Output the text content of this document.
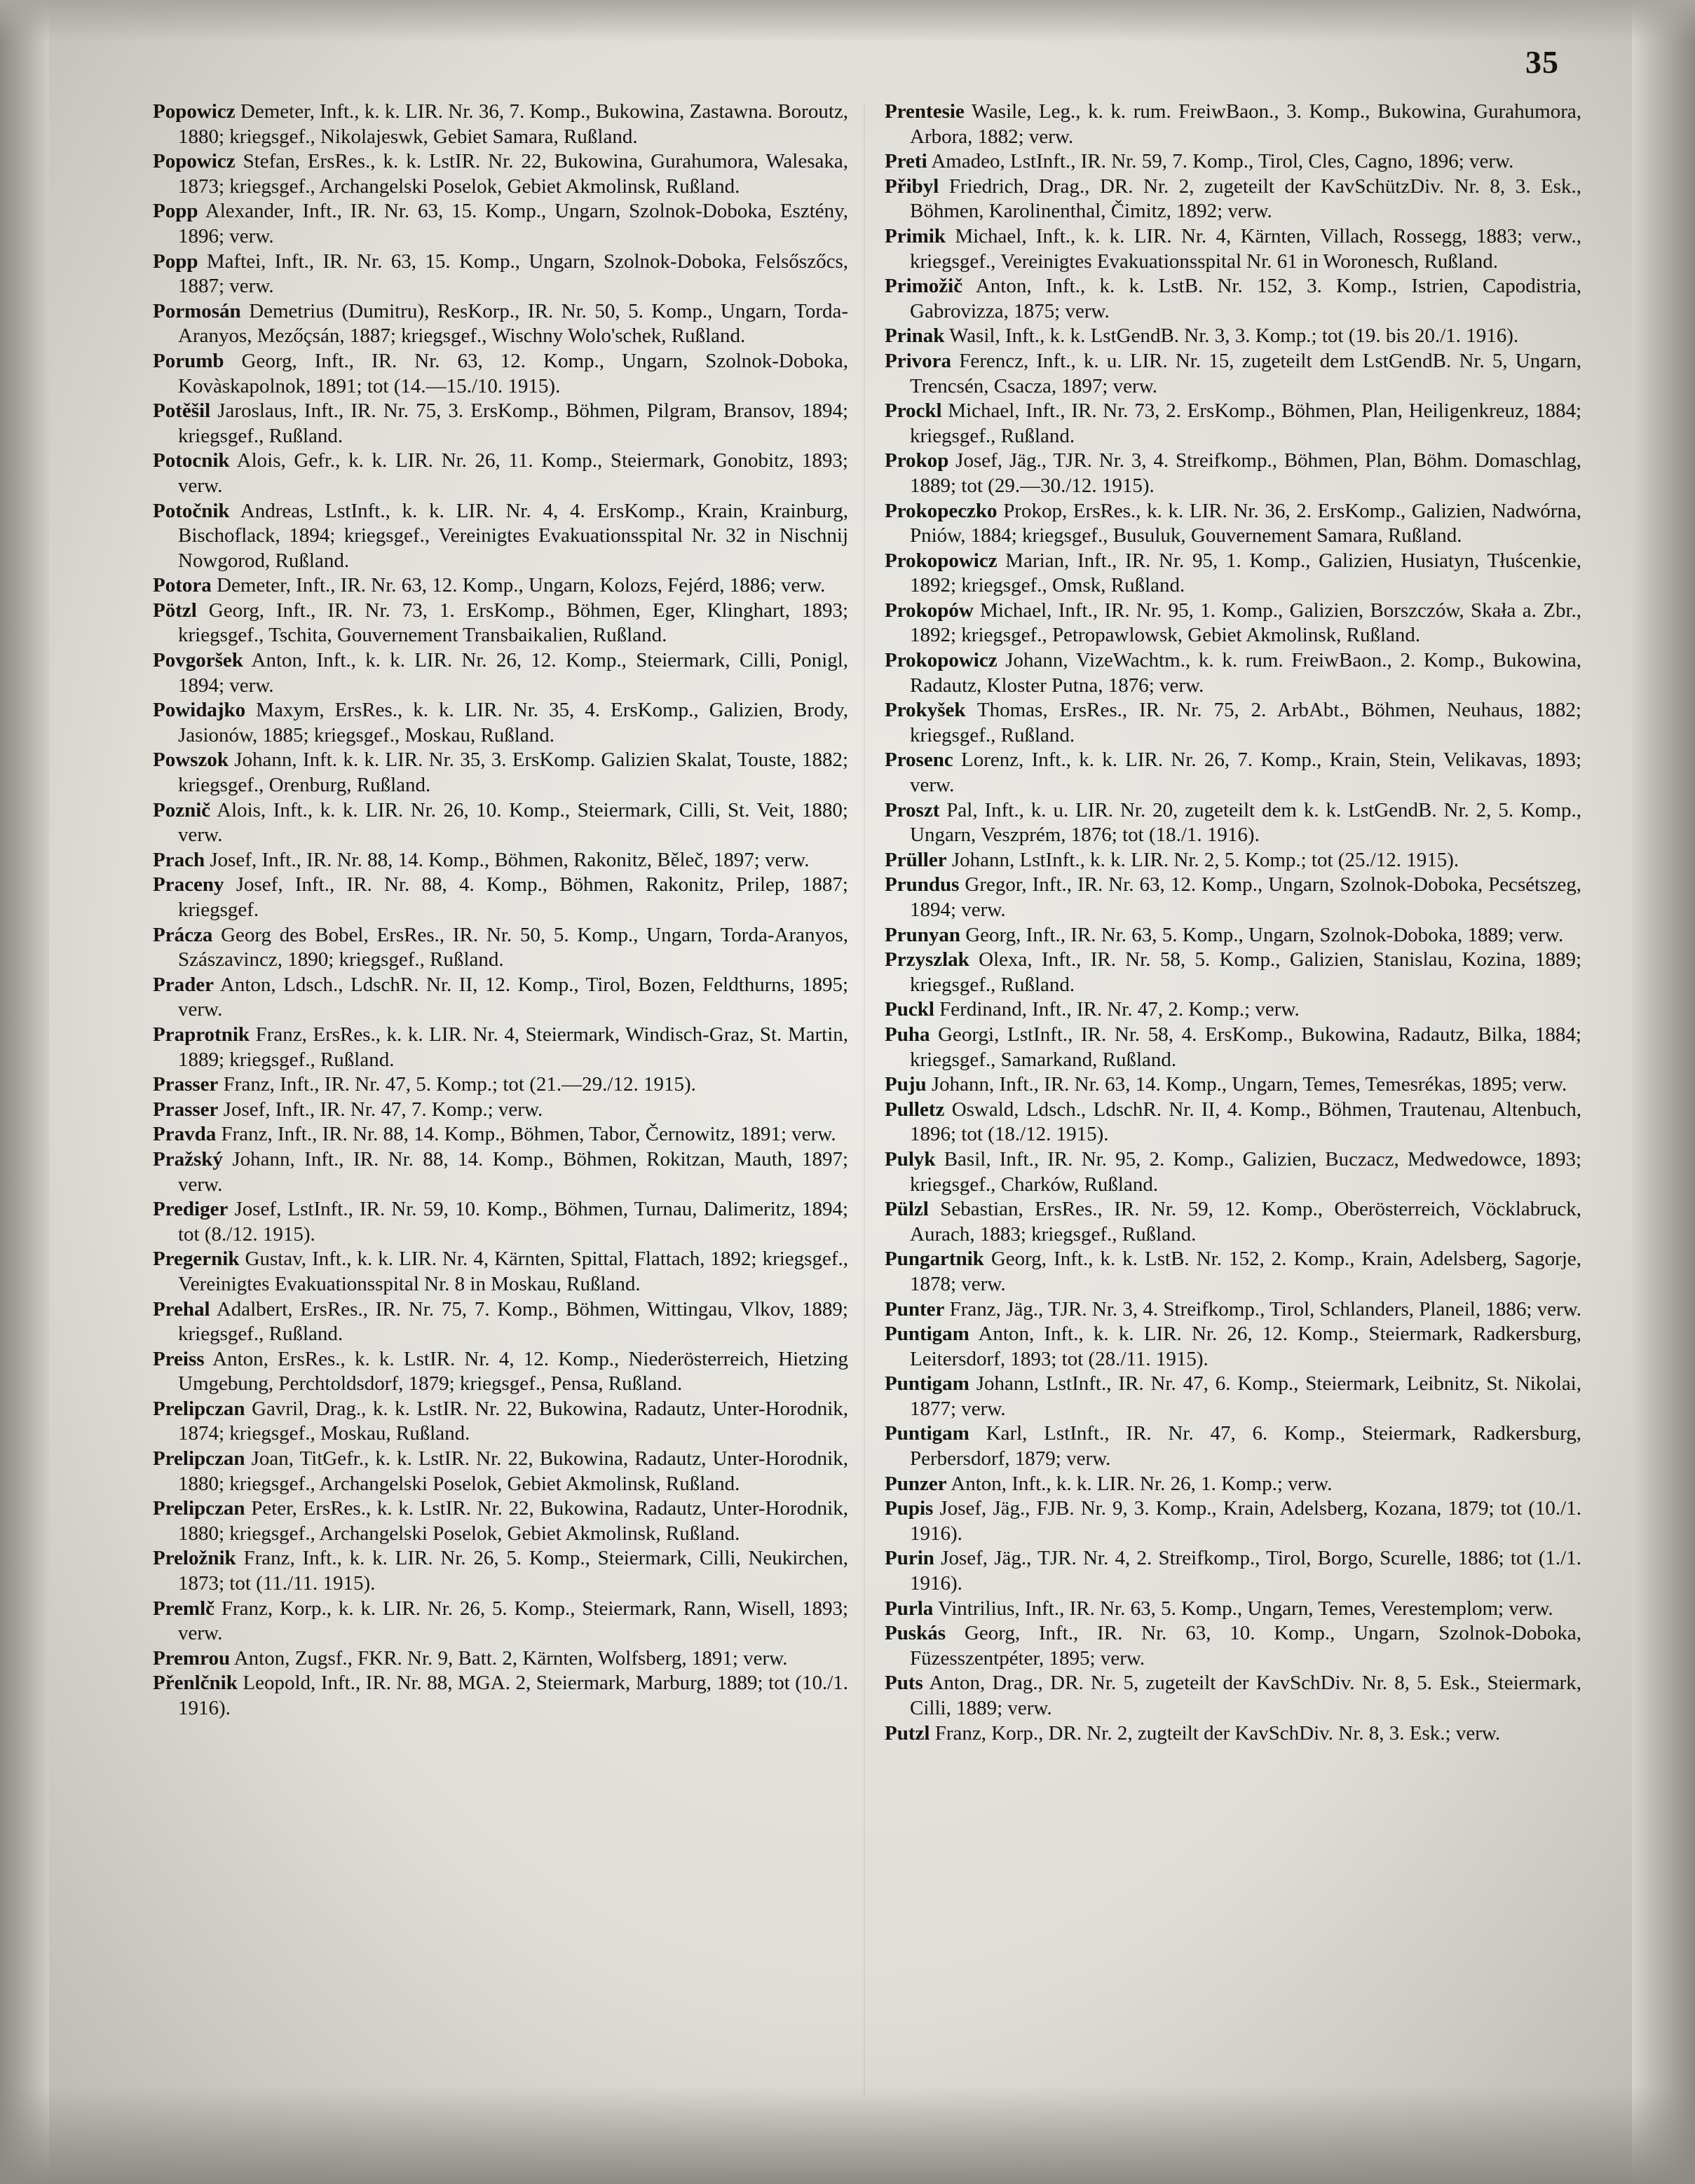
35

Popowicz Demeter, Inft., k. k. LIR. Nr. 36, 7. Komp., Bukowina, Zastawna. Boroutz, 1880; kriegsgef., Nikolajeswk, Gebiet Samara, Rußland.

Popowicz Stefan, ErsRes., k. k. LstIR. Nr. 22, Bukowina, Gurahumora, Walesaka, 1873; kriegsgef., Archangelski Poselok, Gebiet Akmolinsk, Rußland.

Popp Alexander, Inft., IR. Nr. 63, 15. Komp., Ungarn, Szolnok-Doboka, Esztény, 1896; verw.

Popp Maftei, Inft., IR. Nr. 63, 15. Komp., Ungarn, Szolnok-Doboka, Felsőszőcs, 1887; verw.

Pormosán Demetrius (Dumitru), ResKorp., IR. Nr. 50, 5. Komp., Ungarn, Torda-Aranyos, Mezőçsán, 1887; kriegsgef., Wischny Wolo'schek, Rußland.

Porumb Georg, Inft., IR. Nr. 63, 12. Komp., Ungarn, Szolnok-Doboka, Kovàskapolnok, 1891; tot (14.—15./10. 1915).

Potěšil Jaroslaus, Inft., IR. Nr. 75, 3. ErsKomp., Böhmen, Pilgram, Bransov, 1894; kriegsgef., Rußland.

Potocnik Alois, Gefr., k. k. LIR. Nr. 26, 11. Komp., Steiermark, Gonobitz, 1893; verw.

Potočnik Andreas, LstInft., k. k. LIR. Nr. 4, 4. ErsKomp., Krain, Krainburg, Bischoflack, 1894; kriegsgef., Vereinigtes Evakuationsspital Nr. 32 in Nischnij Nowgorod, Rußland.

Potora Demeter, Inft., IR. Nr. 63, 12. Komp., Ungarn, Kolozs, Fejérd, 1886; verw.

Pötzl Georg, Inft., IR. Nr. 73, 1. ErsKomp., Böhmen, Eger, Klinghart, 1893; kriegsgef., Tschita, Gouvernement Transbaikalien, Rußland.

Povgoršek Anton, Inft., k. k. LIR. Nr. 26, 12. Komp., Steiermark, Cilli, Ponigl, 1894; verw.

Powidajko Maxym, ErsRes., k. k. LIR. Nr. 35, 4. ErsKomp., Galizien, Brody, Jasionów, 1885; kriegsgef., Moskau, Rußland.

Powszok Johann, Inft. k. k. LIR. Nr. 35, 3. ErsKomp. Galizien Skalat, Touste, 1882; kriegsgef., Orenburg, Rußland.

Poznič Alois, Inft., k. k. LIR. Nr. 26, 10. Komp., Steiermark, Cilli, St. Veit, 1880; verw.

Prach Josef, Inft., IR. Nr. 88, 14. Komp., Böhmen, Rakonitz, Běleč, 1897; verw.

Praceny Josef, Inft., IR. Nr. 88, 4. Komp., Böhmen, Rakonitz, Prilep, 1887; kriegsgef.

Prácza Georg des Bobel, ErsRes., IR. Nr. 50, 5. Komp., Ungarn, Torda-Aranyos, Szászavincz, 1890; kriegsgef., Rußland.

Prader Anton, Ldsch., LdschR. Nr. II, 12. Komp., Tirol, Bozen, Feldthurns, 1895; verw.

Praprotnik Franz, ErsRes., k. k. LIR. Nr. 4, Steiermark, Windisch-Graz, St. Martin, 1889; kriegsgef., Rußland.

Prasser Franz, Inft., IR. Nr. 47, 5. Komp.; tot (21.—29./12. 1915).

Prasser Josef, Inft., IR. Nr. 47, 7. Komp.; verw.

Pravda Franz, Inft., IR. Nr. 88, 14. Komp., Böhmen, Tabor, Černowitz, 1891; verw.

Pražský Johann, Inft., IR. Nr. 88, 14. Komp., Böhmen, Rokitzan, Mauth, 1897; verw.

Prediger Josef, LstInft., IR. Nr. 59, 10. Komp., Böhmen, Turnau, Dalimeritz, 1894; tot (8./12. 1915).

Pregernik Gustav, Inft., k. k. LIR. Nr. 4, Kärnten, Spittal, Flattach, 1892; kriegsgef., Vereinigtes Evakuationsspital Nr. 8 in Moskau, Rußland.

Prehal Adalbert, ErsRes., IR. Nr. 75, 7. Komp., Böhmen, Wittingau, Vlkov, 1889; kriegsgef., Rußland.

Preiss Anton, ErsRes., k. k. LstIR. Nr. 4, 12. Komp., Niederösterreich, Hietzing Umgebung, Perchtoldsdorf, 1879; kriegsgef., Pensa, Rußland.

Prelipczan Gavril, Drag., k. k. LstIR. Nr. 22, Bukowina, Radautz, Unter-Horodnik, 1874; kriegsgef., Moskau, Rußland.

Prelipczan Joan, TitGefr., k. k. LstIR. Nr. 22, Bukowina, Radautz, Unter-Horodnik, 1880; kriegsgef., Archangelski Poselok, Gebiet Akmolinsk, Rußland.

Prelipczan Peter, ErsRes., k. k. LstIR. Nr. 22, Bukowina, Radautz, Unter-Horodnik, 1880; kriegsgef., Archangelski Poselok, Gebiet Akmolinsk, Rußland.

Preložnik Franz, Inft., k. k. LIR. Nr. 26, 5. Komp., Steiermark, Cilli, Neukirchen, 1873; tot (11./11. 1915).

Premlč Franz, Korp., k. k. LIR. Nr. 26, 5. Komp., Steiermark, Rann, Wisell, 1893; verw.

Premrou Anton, Zugsf., FKR. Nr. 9, Batt. 2, Kärnten, Wolfsberg, 1891; verw.

Přenlčnik Leopold, Inft., IR. Nr. 88, MGA. 2, Steiermark, Marburg, 1889; tot (10./1. 1916).

Prentesie Wasile, Leg., k. k. rum. FreiwBaon., 3. Komp., Bukowina, Gurahumora, Arbora, 1882; verw.

Preti Amadeo, LstInft., IR. Nr. 59, 7. Komp., Tirol, Cles, Cagno, 1896; verw.

Přibyl Friedrich, Drag., DR. Nr. 2, zugeteilt der KavSchützDiv. Nr. 8, 3. Esk., Böhmen, Karolinenthal, Čimitz, 1892; verw.

Primik Michael, Inft., k. k. LIR. Nr. 4, Kärnten, Villach, Rossegg, 1883; verw., kriegsgef., Vereinigtes Evakuationsspital Nr. 61 in Woronesch, Rußland.

Primožič Anton, Inft., k. k. LstB. Nr. 152, 3. Komp., Istrien, Capodistria, Gabrovizza, 1875; verw.

Prinak Wasil, Inft., k. k. LstGendB. Nr. 3, 3. Komp.; tot (19. bis 20./1. 1916).

Privora Ferencz, Inft., k. u. LIR. Nr. 15, zugeteilt dem LstGendB. Nr. 5, Ungarn, Trencsén, Csacza, 1897; verw.

Prockl Michael, Inft., IR. Nr. 73, 2. ErsKomp., Böhmen, Plan, Heiligenkreuz, 1884; kriegsgef., Rußland.

Prokop Josef, Jäg., TJR. Nr. 3, 4. Streifkomp., Böhmen, Plan, Böhm. Domaschlag, 1889; tot (29.—30./12. 1915).

Prokopeczko Prokop, ErsRes., k. k. LIR. Nr. 36, 2. ErsKomp., Galizien, Nadwórna, Pniów, 1884; kriegsgef., Busuluk, Gouvernement Samara, Rußland.

Prokopowicz Marian, Inft., IR. Nr. 95, 1. Komp., Galizien, Husiatyn, Tłuścenkie, 1892; kriegsgef., Omsk, Rußland.

Prokopów Michael, Inft., IR. Nr. 95, 1. Komp., Galizien, Borszczów, Skała a. Zbr., 1892; kriegsgef., Petropawlowsk, Gebiet Akmolinsk, Rußland.

Prokopowicz Johann, VizeWachtm., k. k. rum. FreiwBaon., 2. Komp., Bukowina, Radautz, Kloster Putna, 1876; verw.

Prokyšek Thomas, ErsRes., IR. Nr. 75, 2. ArbAbt., Böhmen, Neuhaus, 1882; kriegsgef., Rußland.

Prosenc Lorenz, Inft., k. k. LIR. Nr. 26, 7. Komp., Krain, Stein, Velikavas, 1893; verw.

Proszt Pal, Inft., k. u. LIR. Nr. 20, zugeteilt dem k. k. LstGendB. Nr. 2, 5. Komp., Ungarn, Veszprém, 1876; tot (18./1. 1916).

Prüller Johann, LstInft., k. k. LIR. Nr. 2, 5. Komp.; tot (25./12. 1915).

Prundus Gregor, Inft., IR. Nr. 63, 12. Komp., Ungarn, Szolnok-Doboka, Pecsétszeg, 1894; verw.

Prunyan Georg, Inft., IR. Nr. 63, 5. Komp., Ungarn, Szolnok-Doboka, 1889; verw.

Przyszlak Olexa, Inft., IR. Nr. 58, 5. Komp., Galizien, Stanislau, Kozina, 1889; kriegsgef., Rußland.

Puckl Ferdinand, Inft., IR. Nr. 47, 2. Komp.; verw.

Puha Georgi, LstInft., IR. Nr. 58, 4. ErsKomp., Bukowina, Radautz, Bilka, 1884; kriegsgef., Samarkand, Rußland.

Puju Johann, Inft., IR. Nr. 63, 14. Komp., Ungarn, Temes, Temesrékas, 1895; verw.

Pulletz Oswald, Ldsch., LdschR. Nr. II, 4. Komp., Böhmen, Trautenau, Altenbuch, 1896; tot (18./12. 1915).

Pulyk Basil, Inft., IR. Nr. 95, 2. Komp., Galizien, Buczacz, Medwedowce, 1893; kriegsgef., Charków, Rußland.

Pülzl Sebastian, ErsRes., IR. Nr. 59, 12. Komp., Oberösterreich, Vöcklabruck, Aurach, 1883; kriegsgef., Rußland.

Pungartnik Georg, Inft., k. k. LstB. Nr. 152, 2. Komp., Krain, Adelsberg, Sagorje, 1878; verw.

Punter Franz, Jäg., TJR. Nr. 3, 4. Streifkomp., Tirol, Schlanders, Planeil, 1886; verw.

Puntigam Anton, Inft., k. k. LIR. Nr. 26, 12. Komp., Steiermark, Radkersburg, Leitersdorf, 1893; tot (28./11. 1915).

Puntigam Johann, LstInft., IR. Nr. 47, 6. Komp., Steiermark, Leibnitz, St. Nikolai, 1877; verw.

Puntigam Karl, LstInft., IR. Nr. 47, 6. Komp., Steiermark, Radkersburg, Perbersdorf, 1879; verw.

Punzer Anton, Inft., k. k. LIR. Nr. 26, 1. Komp.; verw.

Pupis Josef, Jäg., FJB. Nr. 9, 3. Komp., Krain, Adelsberg, Kozana, 1879; tot (10./1. 1916).

Purin Josef, Jäg., TJR. Nr. 4, 2. Streifkomp., Tirol, Borgo, Scurelle, 1886; tot (1./1. 1916).

Purla Vintrilius, Inft., IR. Nr. 63, 5. Komp., Ungarn, Temes, Verestemplom; verw.

Puskás Georg, Inft., IR. Nr. 63, 10. Komp., Ungarn, Szolnok-Doboka, Füzesszentpéter, 1895; verw.

Puts Anton, Drag., DR. Nr. 5, zugeteilt der KavSchDiv. Nr. 8, 5. Esk., Steiermark, Cilli, 1889; verw.

Putzl Franz, Korp., DR. Nr. 2, zugteilt der KavSchDiv. Nr. 8, 3. Esk.; verw.
